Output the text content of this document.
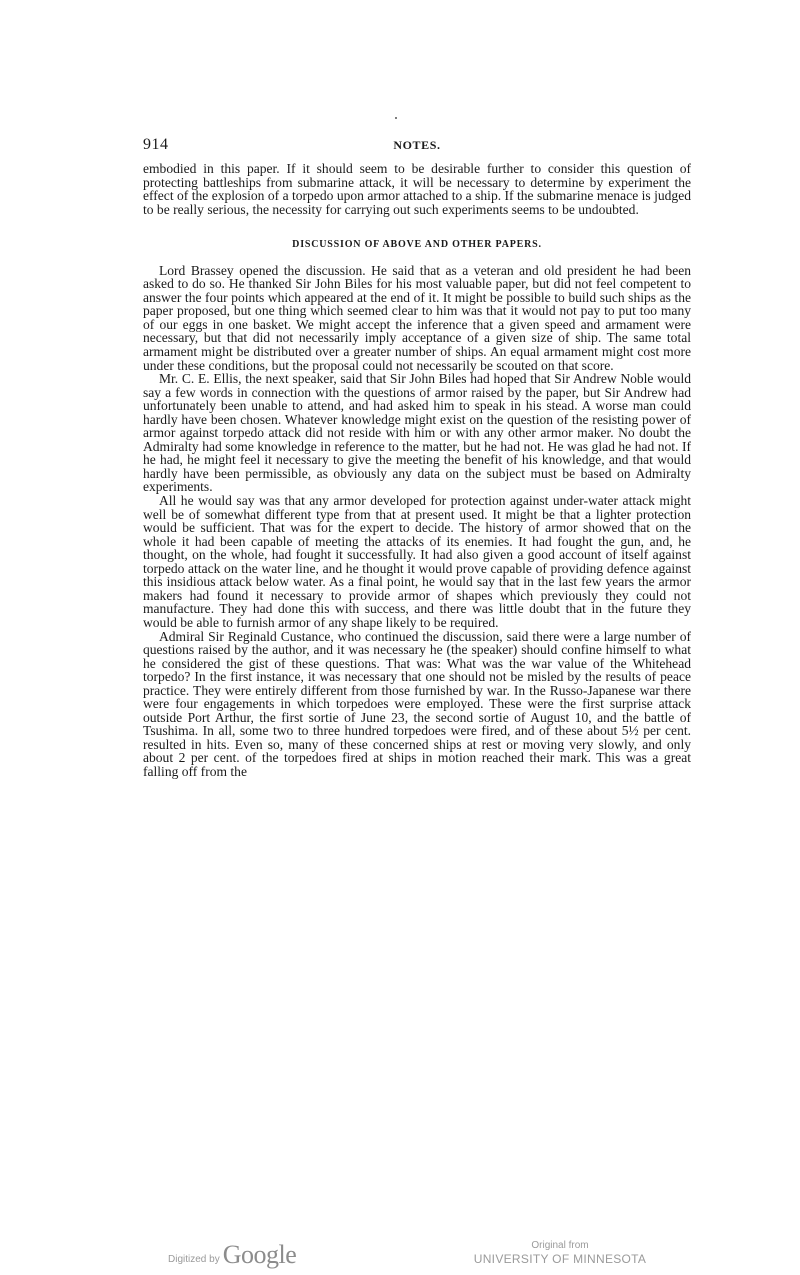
914	NOTES.

embodied in this paper. If it should seem to be desirable further to consider this question of protecting battleships from submarine attack, it will be necessary to determine by experiment the effect of the explosion of a torpedo upon armor attached to a ship. If the submarine menace is judged to be really serious, the necessity for carrying out such experiments seems to be undoubted.

DISCUSSION OF ABOVE AND OTHER PAPERS.

Lord Brassey opened the discussion. He said that as a veteran and old president he had been asked to do so. He thanked Sir John Biles for his most valuable paper, but did not feel competent to answer the four points which appeared at the end of it. It might be possible to build such ships as the paper proposed, but one thing which seemed clear to him was that it would not pay to put too many of our eggs in one basket. We might accept the inference that a given speed and armament were necessary, but that did not necessarily imply acceptance of a given size of ship. The same total armament might be distributed over a greater number of ships. An equal armament might cost more under these conditions, but the proposal could not necessarily be scouted on that score.

Mr. C. E. Ellis, the next speaker, said that Sir John Biles had hoped that Sir Andrew Noble would say a few words in connection with the questions of armor raised by the paper, but Sir Andrew had unfortunately been unable to attend, and had asked him to speak in his stead. A worse man could hardly have been chosen. Whatever knowledge might exist on the question of the resisting power of armor against torpedo attack did not reside with him or with any other armor maker. No doubt the Admiralty had some knowledge in reference to the matter, but he had not. He was glad he had not. If he had, he might feel it necessary to give the meeting the benefit of his knowledge, and that would hardly have been permissible, as obviously any data on the subject must be based on Admiralty experiments.

All he would say was that any armor developed for protection against under-water attack might well be of somewhat different type from that at present used. It might be that a lighter protection would be sufficient. That was for the expert to decide. The history of armor showed that on the whole it had been capable of meeting the attacks of its enemies. It had fought the gun, and, he thought, on the whole, had fought it successfully. It had also given a good account of itself against torpedo attack on the water line, and he thought it would prove capable of providing defence against this insidious attack below water. As a final point, he would say that in the last few years the armor makers had found it necessary to provide armor of shapes which previously they could not manufacture. They had done this with success, and there was little doubt that in the future they would be able to furnish armor of any shape likely to be required.

Admiral Sir Reginald Custance, who continued the discussion, said there were a large number of questions raised by the author, and it was necessary he (the speaker) should confine himself to what he considered the gist of these questions. That was: What was the war value of the Whitehead torpedo? In the first instance, it was necessary that one should not be misled by the results of peace practice. They were entirely different from those furnished by war. In the Russo-Japanese war there were four engagements in which torpedoes were employed. These were the first surprise attack outside Port Arthur, the first sortie of June 23, the second sortie of August 10, and the battle of Tsushima. In all, some two to three hundred torpedoes were fired, and of these about 5½ per cent. resulted in hits. Even so, many of these concerned ships at rest or moving very slowly, and only about 2 per cent. of the torpedoes fired at ships in motion reached their mark. This was a great falling off from the

Digitized by Google	Original from
UNIVERSITY OF MINNESOTA
